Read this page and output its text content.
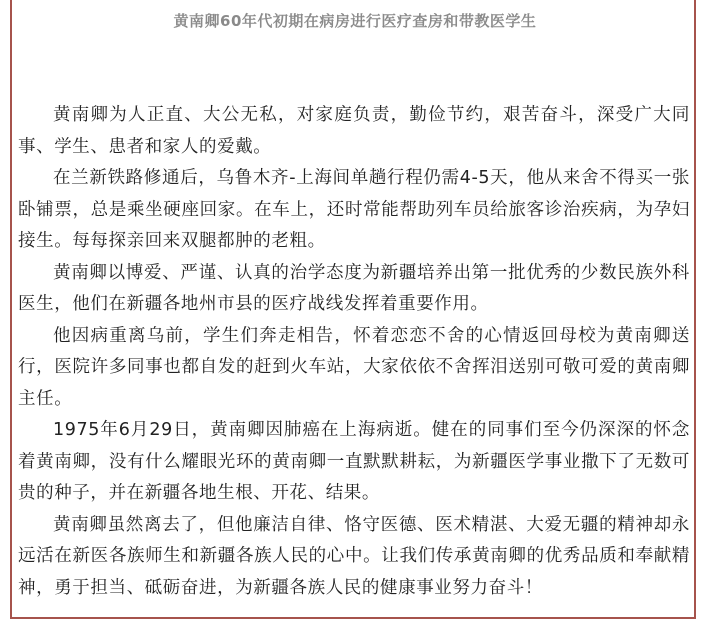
黄南卿60年代初期在病房进行医疗查房和带教医学生

黄南卿为人正直、大公无私，对家庭负责，勤俭节约，艰苦奋斗，深受广大同事、学生、患者和家人的爱戴。

在兰新铁路修通后，乌鲁木齐-上海间单趟行程仍需4-5天，他从来舍不得买一张卧铺票，总是乘坐硬座回家。在车上，还时常能帮助列车员给旅客诊治疾病，为孕妇接生。每每探亲回来双腿都肿的老粗。

黄南卿以博爱、严谨、认真的治学态度为新疆培养出第一批优秀的少数民族外科医生，他们在新疆各地州市县的医疗战线发挥着重要作用。

他因病重离乌前，学生们奔走相告，怀着恋恋不舍的心情返回母校为黄南卿送行，医院许多同事也都自发的赶到火车站，大家依依不舍挥泪送别可敬可爱的黄南卿主任。

1975年6月29日，黄南卿因肺癌在上海病逝。健在的同事们至今仍深深的怀念着黄南卿，没有什么耀眼光环的黄南卿一直默默耕耘，为新疆医学事业撒下了无数可贵的种子，并在新疆各地生根、开花、结果。

黄南卿虽然离去了，但他廉洁自律、恪守医德、医术精湛、大爱无疆的精神却永远活在新医各族师生和新疆各族人民的心中。让我们传承黄南卿的优秀品质和奉献精神，勇于担当、砥砺奋进，为新疆各族人民的健康事业努力奋斗！
